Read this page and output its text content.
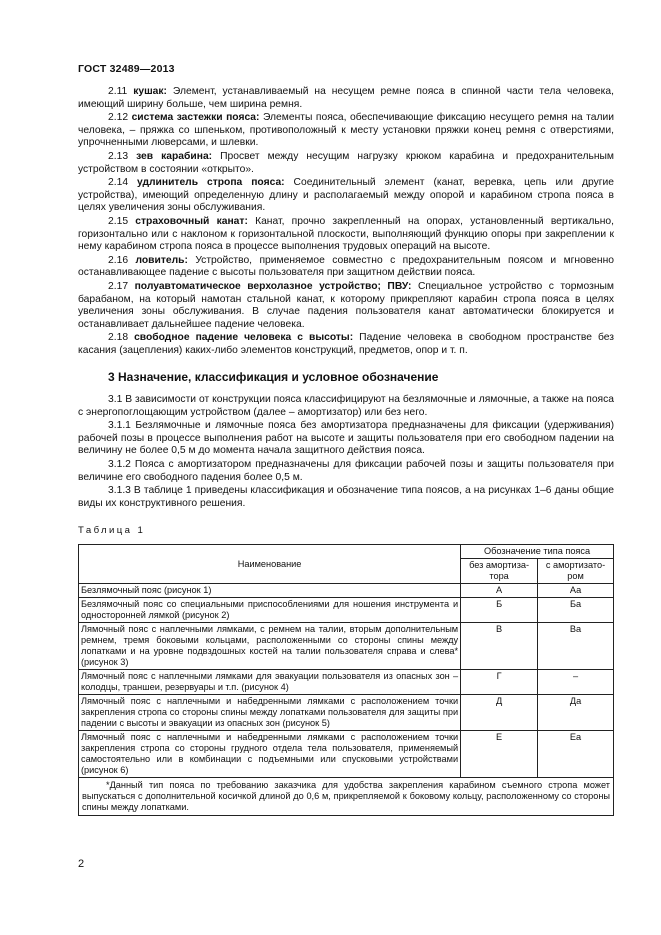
ГОСТ 32489—2013

2.11 кушак: Элемент, устанавливаемый на несущем ремне пояса в спинной части тела человека, имеющий ширину больше, чем ширина ремня.

2.12 система застежки пояса: Элементы пояса, обеспечивающие фиксацию несущего ремня на талии человека, – пряжка со шпеньком, противоположный к месту установки пряжки конец ремня с отверстиями, упрочненными люверсами, и шлевки.

2.13 зев карабина: Просвет между несущим нагрузку крюком карабина и предохранительным устройством в состоянии «открыто».

2.14 удлинитель стропа пояса: Соединительный элемент (канат, веревка, цепь или другие устройства), имеющий определенную длину и располагаемый между опорой и карабином стропа пояса в целях увеличения зоны обслуживания.

2.15 страховочный канат: Канат, прочно закрепленный на опорах, установленный вертикально, горизонтально или с наклоном к горизонтальной плоскости, выполняющий функцию опоры при закреплении к нему карабином стропа пояса в процессе выполнения трудовых операций на высоте.

2.16 ловитель: Устройство, применяемое совместно с предохранительным поясом и мгновенно останавливающее падение с высоты пользователя при защитном действии пояса.

2.17 полуавтоматическое верхолазное устройство; ПВУ: Специальное устройство с тормозным барабаном, на который намотан стальной канат, к которому прикрепляют карабин стропа пояса в целях увеличения зоны обслуживания. В случае падения пользователя канат автоматически блокируется и останавливает дальнейшее падение человека.

2.18 свободное падение человека с высоты: Падение человека в свободном пространстве без касания (зацепления) каких-либо элементов конструкций, предметов, опор и т. п.

3 Назначение, классификация и условное обозначение

3.1 В зависимости от конструкции пояса классифицируют на безлямочные и лямочные, а также на пояса с энергопоглощающим устройством (далее – амортизатор) или без него.

3.1.1 Безлямочные и лямочные пояса без амортизатора предназначены для фиксации (удерживания) рабочей позы в процессе выполнения работ на высоте и защиты пользователя при его свободном падении на величину не более 0,5 м до момента начала защитного действия пояса.

3.1.2 Пояса с амортизатором предназначены для фиксации рабочей позы и защиты пользователя при величине его свободного падения более 0,5 м.

3.1.3 В таблице 1 приведены классификация и обозначение типа поясов, а на рисунках 1–6 даны общие виды их конструктивного решения.

Таблица 1
Наименование	Обозначение типа пояса	
	без амортиза-тора	с амортизато-ром
Безлямочный пояс (рисунок 1)	А	Аа
Безлямочный пояс со специальными приспособлениями для ношения инструмента и односторонней лямкой (рисунок 2)	Б	Ба
Лямочный пояс с наплечными лямками, с ремнем на талии, вторым дополнительным ремнем, тремя боковыми кольцами, расположенными со стороны спины между лопатками и на уровне подвздошных костей на талии пользователя справа и слева* (рисунок 3)	В	Ва
Лямочный пояс с наплечными лямками для эвакуации пользователя из опасных зон – колодцы, траншеи, резервуары и т.п. (рисунок 4)	Г	–
Лямочный пояс с наплечными и набедренными лямками с расположением точки закрепления стропа со стороны спины между лопатками пользователя для защиты при падении с высоты и эвакуации из опасных зон (рисунок 5)	Д	Да
Лямочный пояс с наплечными и набедренными лямками с расположением точки закрепления стропа со стороны грудного отдела тела пользователя, применяемый самостоятельно или в комбинации с подъемными или спусковыми устройствами (рисунок 6)	Е	Еа
*Данный тип пояса по требованию заказчика для удобства закрепления карабином съемного стропа может выпускаться с дополнительной косичкой длиной до 0,6 м, прикрепляемой к боковому кольцу, расположенному со стороны спины между лопатками.		
2
